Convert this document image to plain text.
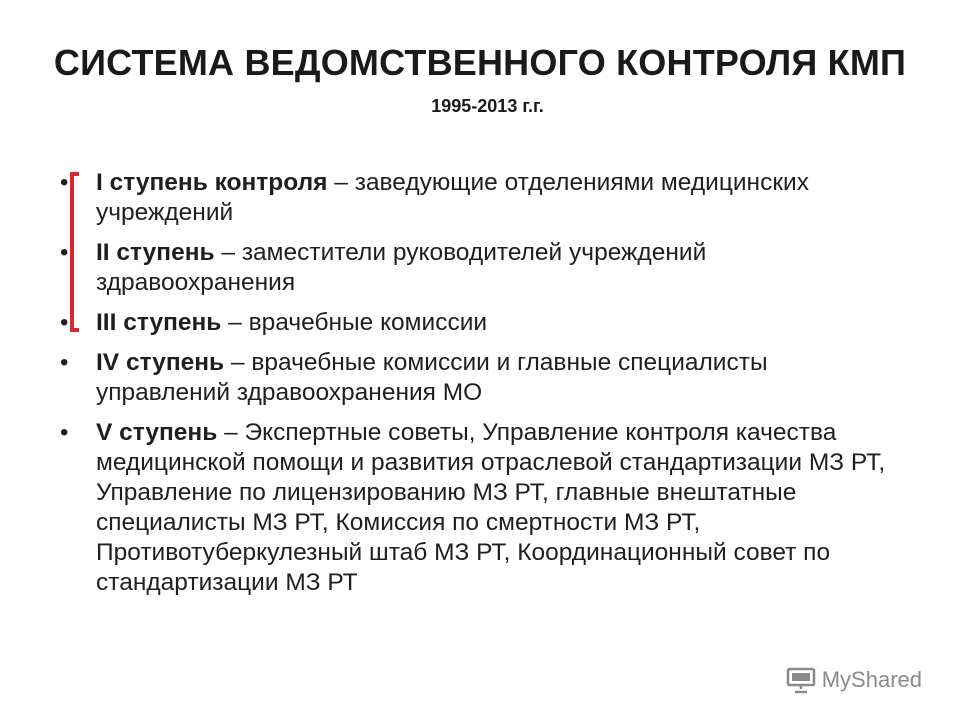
СИСТЕМА ВЕДОМСТВЕННОГО КОНТРОЛЯ КМП
1995-2013 г.г.
• I ступень контроля – заведующие отделениями медицинских учреждений
• II ступень – заместители руководителей учреждений здравоохранения
• III ступень – врачебные комиссии
• IV ступень – врачебные комиссии и главные специалисты управлений здравоохранения МО
• V ступень – Экспертные советы, Управление контроля качества медицинской помощи и развития отраслевой стандартизации МЗ РТ, Управление по лицензированию МЗ РТ, главные внештатные специалисты МЗ РТ, Комиссия по смертности МЗ РТ, Противотуберкулезный штаб МЗ РТ, Координационный совет по стандартизации МЗ РТ
MyShared
